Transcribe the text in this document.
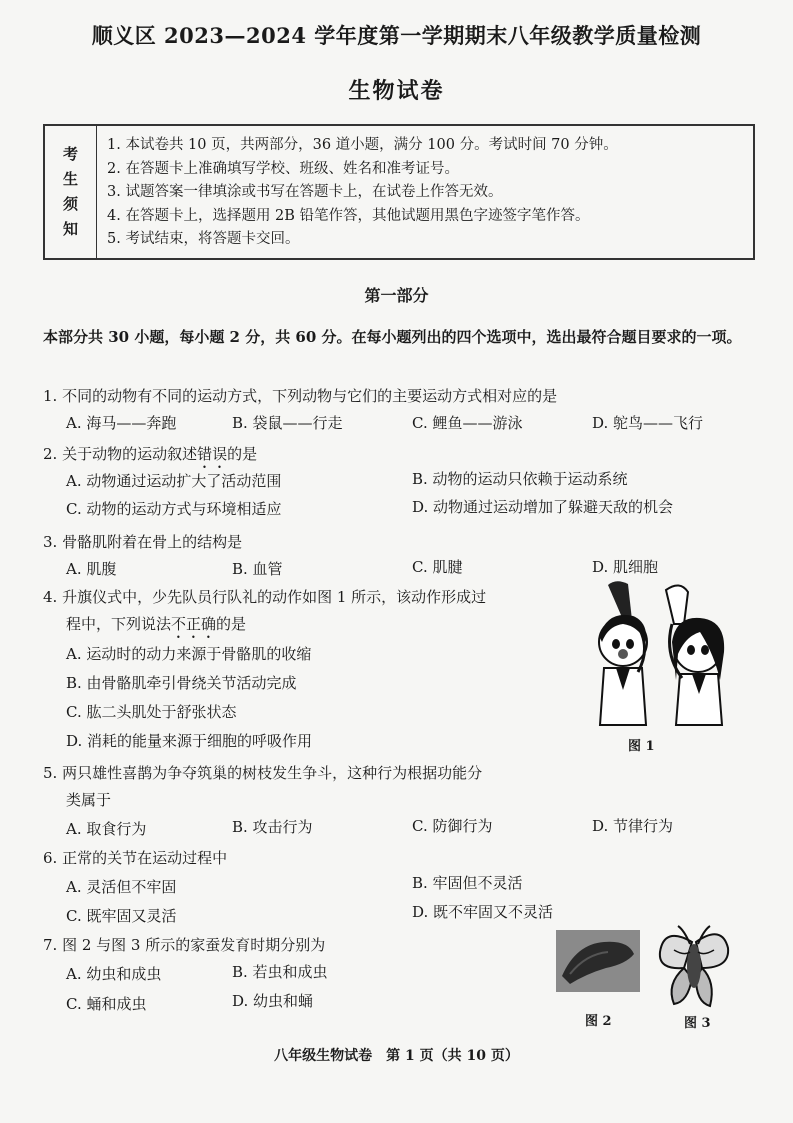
顺义区 2023—2024 学年度第一学期期末八年级教学质量检测
生物试卷
考
生
须
知
1. 本试卷共 10 页，共两部分，36 道小题，满分 100 分。考试时间 70 分钟。
2. 在答题卡上准确填写学校、班级、姓名和准考证号。
3. 试题答案一律填涂或书写在答题卡上，在试卷上作答无效。
4. 在答题卡上，选择题用 2B 铅笔作答，其他试题用黑色字迹签字笔作答。
5. 考试结束，将答题卡交回。
第一部分
本部分共 30 小题，每小题 2 分，共 60 分。在每小题列出的四个选项中，选出最符合题目要求的一项。
1. 不同的动物有不同的运动方式，下列动物与它们的主要运动方式相对应的是
A. 海马——奔跑	B. 袋鼠——行走	C. 鲤鱼——游泳	D. 鸵鸟——飞行
2. 关于动物的运动叙述错误的是
A. 动物通过运动扩大了活动范围	B. 动物的运动只依赖于运动系统
C. 动物的运动方式与环境相适应	D. 动物通过运动增加了躲避天敌的机会
3. 骨骼肌附着在骨上的结构是
A. 肌腹	B. 血管	C. 肌腱	D. 肌细胞
4. 升旗仪式中，少先队员行队礼的动作如图 1 所示，该动作形成过
程中，下列说法不正确的是
A. 运动时的动力来源于骨骼肌的收缩
B. 由骨骼肌牵引骨绕关节活动完成
C. 肱二头肌处于舒张状态
D. 消耗的能量来源于细胞的呼吸作用	图 1
5. 两只雄性喜鹊为争夺筑巢的树枝发生争斗，这种行为根据功能分
类属于
A. 取食行为	B. 攻击行为	C. 防御行为	D. 节律行为
6. 正常的关节在运动过程中
A. 灵活但不牢固	B. 牢固但不灵活
C. 既牢固又灵活	D. 既不牢固又不灵活
7. 图 2 与图 3 所示的家蚕发育时期分别为
A. 幼虫和成虫	B. 若虫和成虫
C. 蛹和成虫	D. 幼虫和蛹
图 2	图 3
八年级生物试卷　第 1 页（共 10 页）
